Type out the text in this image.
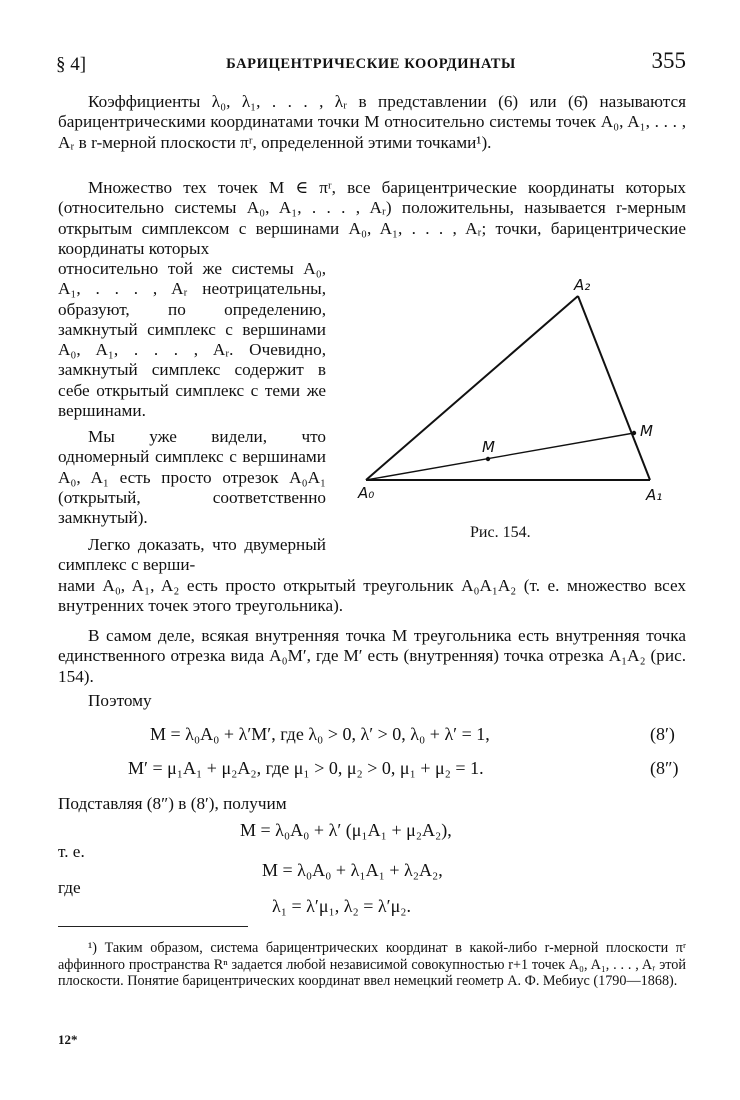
§ 4]	БАРИЦЕНТРИЧЕСКИЕ КООРДИНАТЫ	355

Коэффициенты λ₀, λ₁, . . . , λᵣ в представлении (6) или (6̄) называются барицентрическими координатами точки M относительно системы точек A₀, A₁, . . . , Aᵣ в r-мерной плоскости πʳ, определенной этими точками¹).

Множество тех точек M ∈ πʳ, все барицентрические координаты которых (относительно системы A₀, A₁, . . . , Aᵣ) положительны, называется r-мерным открытым симплексом с вершинами A₀, A₁, . . . , Aᵣ; точки, барицентрические координаты которых

относительно той же системы A₀, A₁, . . . , Aᵣ неотрицательны, образуют, по определению, замкнутый симплекс с вершинами A₀, A₁, . . . , Aᵣ. Очевидно, замкнутый симплекс содержит в себе открытый симплекс с теми же вершинами.

Мы уже видели, что одномерный симплекс с вершинами A₀, A₁ есть просто отрезок A₀A₁ (открытый, соответственно замкнутый).

Легко доказать, что двумерный симплекс с верши-

нами A₀, A₁, A₂ есть просто открытый треугольник A₀A₁A₂ (т. е. множество всех внутренних точек этого треугольника).

В самом деле, всякая внутренняя точка M треугольника есть внутренняя точка единственного отрезка вида A₀M′, где M′ есть (внутренняя) точка отрезка A₁A₂ (рис. 154).

Поэтому

A₀	A₁
A₂
M
M
Рис. 154.
M = λ₀A₀ + λ′M′, где λ₀ > 0, λ′ > 0, λ₀ + λ′ = 1,	(8′)
M′ = μ₁A₁ + μ₂A₂, где μ₁ > 0, μ₂ > 0, μ₁ + μ₂ = 1.	(8″)
Подставляя (8″) в (8′), получим
M = λ₀A₀ + λ′ (μ₁A₁ + μ₂A₂),
т. е.
M = λ₀A₀ + λ₁A₁ + λ₂A₂,
где
λ₁ = λ′μ₁, λ₂ = λ′μ₂.

¹) Таким образом, система барицентрических координат в какой-либо r-мерной плоскости πʳ аффинного пространства Rⁿ задается любой независимой совокупностью r+1 точек A₀, A₁, . . . , Aᵣ этой плоскости. Понятие барицентрических координат ввел немецкий геометр А. Ф. Мебиус (1790—1868).

12*
